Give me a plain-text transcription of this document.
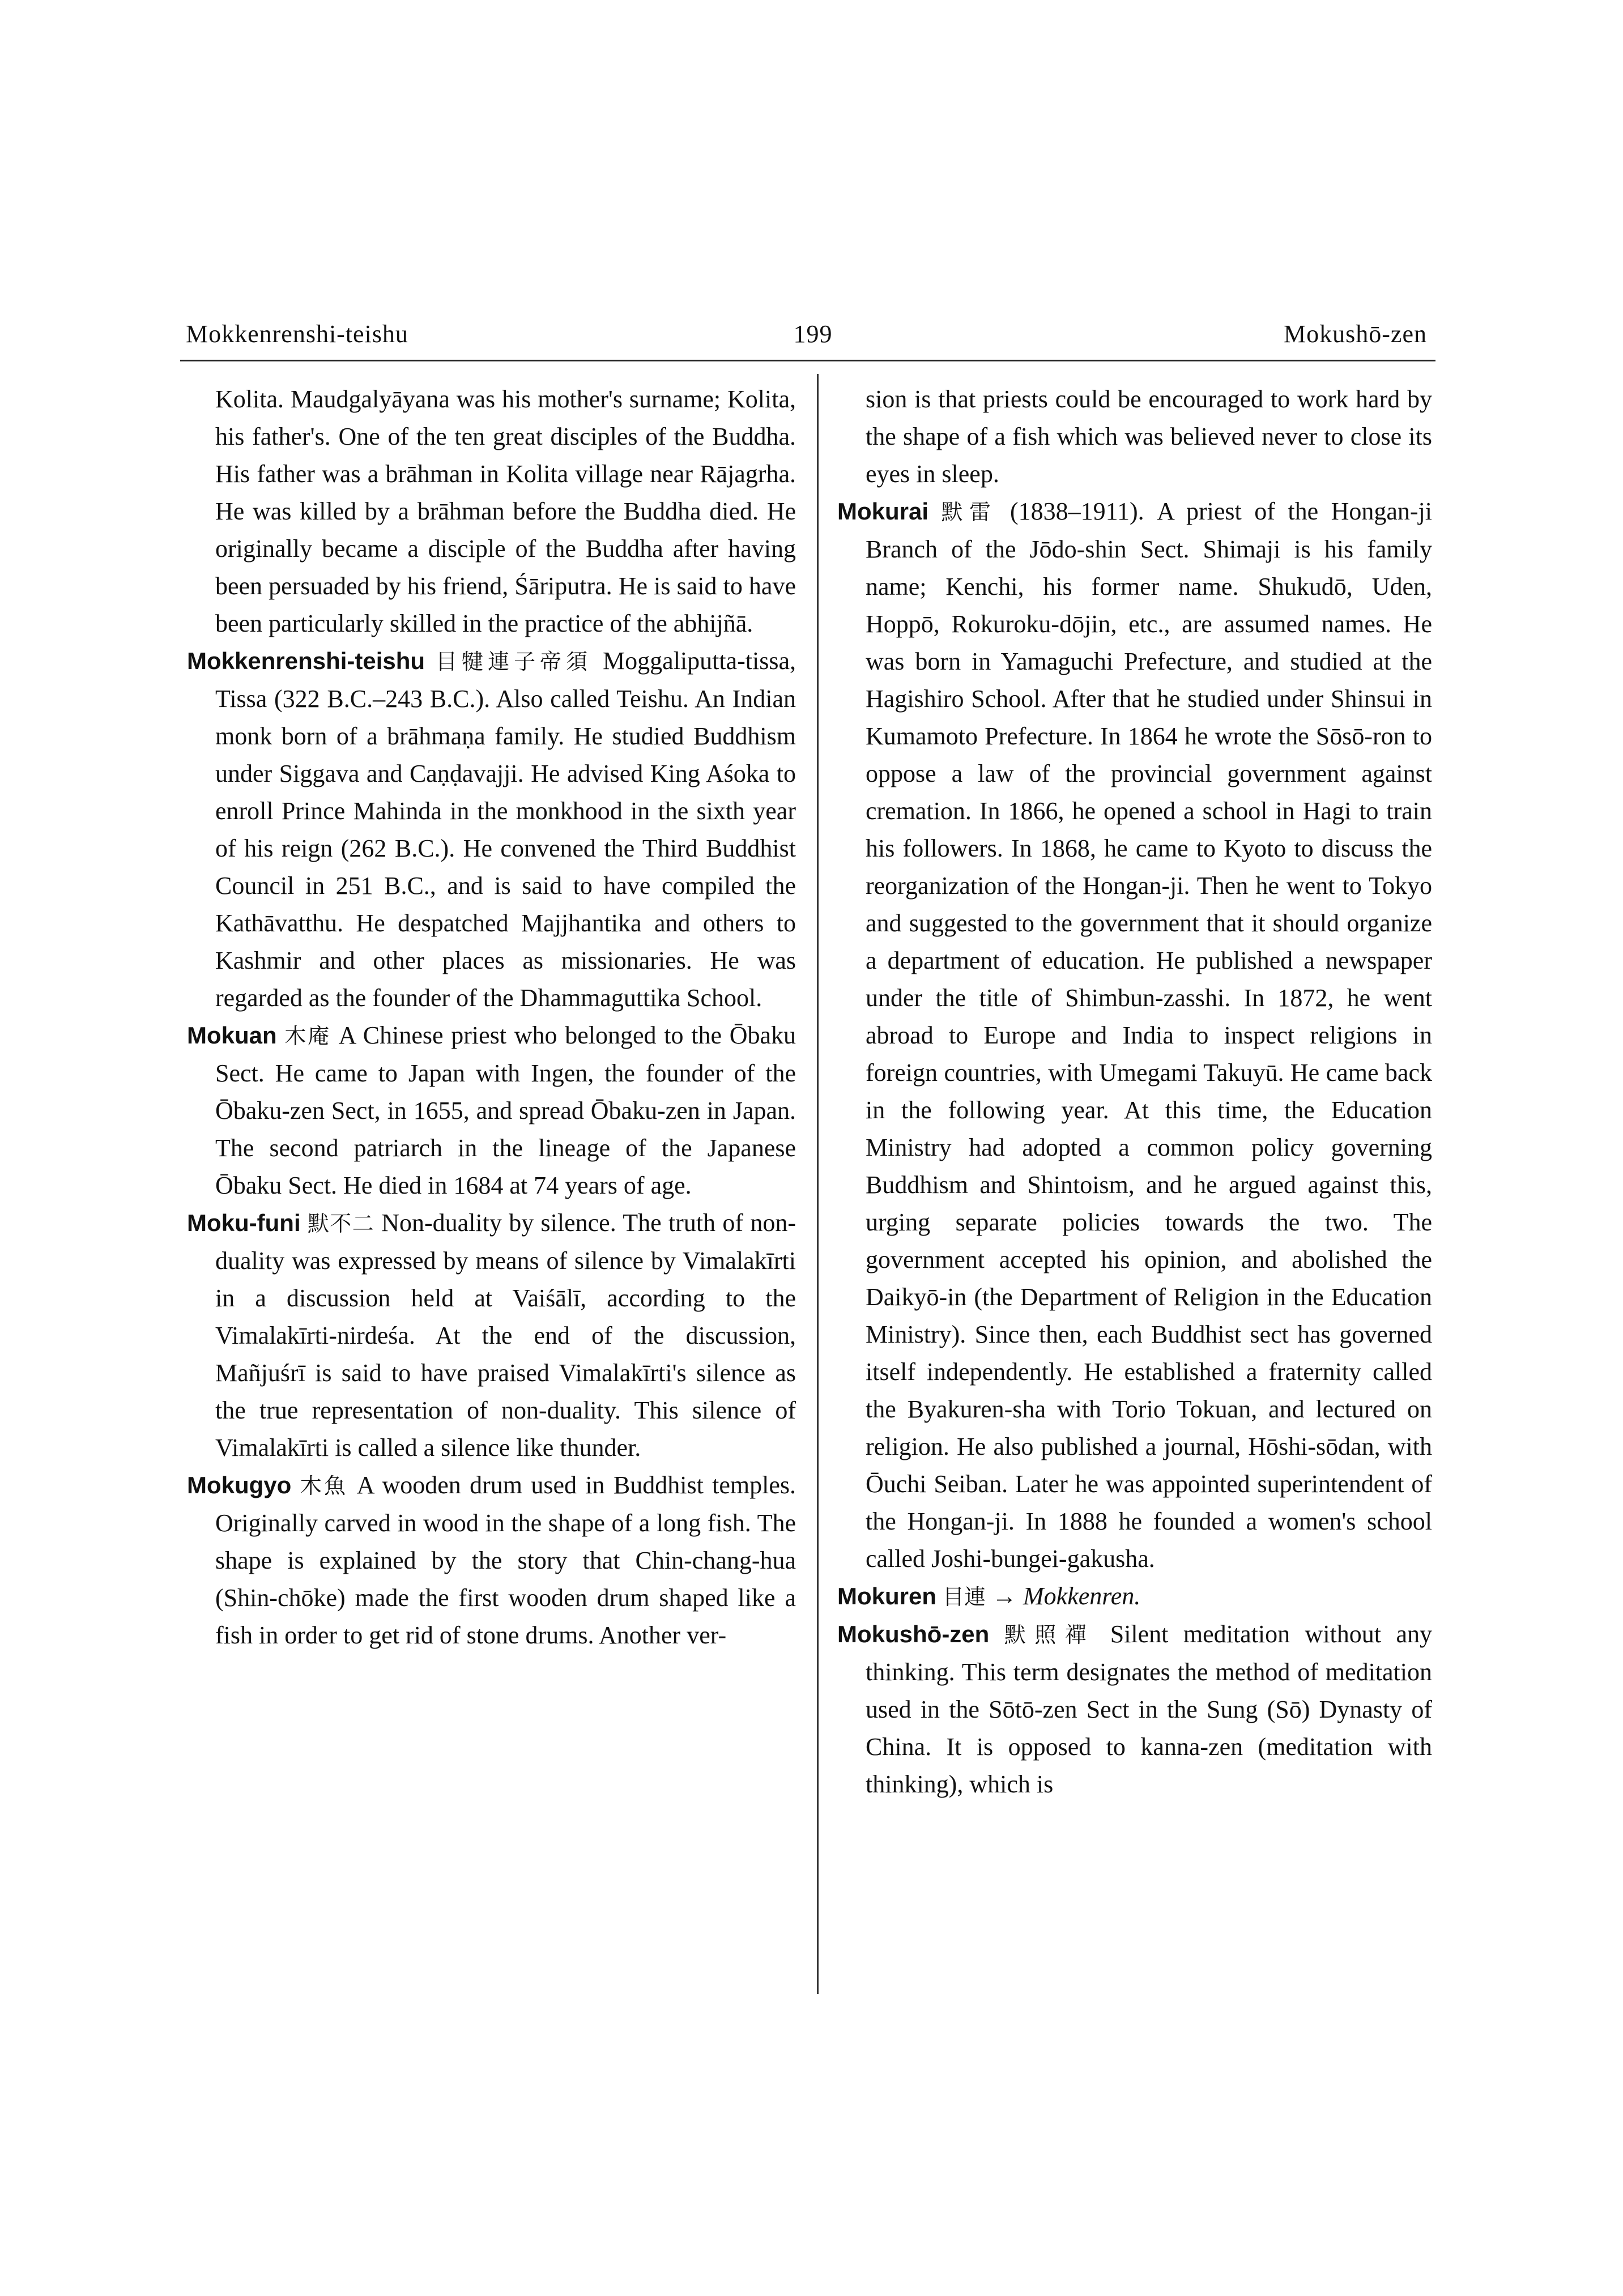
Mokkenrenshi-teishu	199	Mokushō-zen

Kolita. Maudgalyāyana was his mother's surname; Kolita, his father's. One of the ten great disciples of the Buddha. His father was a brāhman in Kolita village near Rājagrha. He was killed by a brāhman before the Buddha died. He originally became a disciple of the Buddha after having been persuaded by his friend, Śāriputra. He is said to have been particularly skilled in the practice of the abhijñā.

Mokkenrenshi-teishu 目犍連子帝須 Moggaliputta-tissa, Tissa (322 B.C.–243 B.C.). Also called Teishu. An Indian monk born of a brāhmaṇa family. He studied Buddhism under Siggava and Caṇḍavajji. He advised King Aśoka to enroll Prince Mahinda in the monkhood in the sixth year of his reign (262 B.C.). He convened the Third Buddhist Council in 251 B.C., and is said to have compiled the Kathāvatthu. He despatched Majjhantika and others to Kashmir and other places as missionaries. He was regarded as the founder of the Dhammaguttika School.

Mokuan 木庵 A Chinese priest who belonged to the Ōbaku Sect. He came to Japan with Ingen, the founder of the Ōbaku-zen Sect, in 1655, and spread Ōbaku-zen in Japan. The second patriarch in the lineage of the Japanese Ōbaku Sect. He died in 1684 at 74 years of age.

Moku-funi 默不二 Non-duality by silence. The truth of non-duality was expressed by means of silence by Vimalakīrti in a discussion held at Vaiśālī, according to the Vimalakīrti-nirdeśa. At the end of the discussion, Mañjuśrī is said to have praised Vimalakīrti's silence as the true representation of non-duality. This silence of Vimalakīrti is called a silence like thunder.

Mokugyo 木魚 A wooden drum used in Buddhist temples. Originally carved in wood in the shape of a long fish. The shape is explained by the story that Chin-chang-hua (Shin-chōke) made the first wooden drum shaped like a fish in order to get rid of stone drums. Another ver-

sion is that priests could be encouraged to work hard by the shape of a fish which was believed never to close its eyes in sleep.

Mokurai 默雷 (1838–1911). A priest of the Hongan-ji Branch of the Jōdo-shin Sect. Shimaji is his family name; Kenchi, his former name. Shukudō, Uden, Hoppō, Rokuroku-dōjin, etc., are assumed names. He was born in Yamaguchi Prefecture, and studied at the Hagishiro School. After that he studied under Shinsui in Kumamoto Prefecture. In 1864 he wrote the Sōsō-ron to oppose a law of the provincial government against cremation. In 1866, he opened a school in Hagi to train his followers. In 1868, he came to Kyoto to discuss the reorganization of the Hongan-ji. Then he went to Tokyo and suggested to the government that it should organize a department of education. He published a newspaper under the title of Shimbun-zasshi. In 1872, he went abroad to Europe and India to inspect religions in foreign countries, with Umegami Takuyū. He came back in the following year. At this time, the Education Ministry had adopted a common policy governing Buddhism and Shintoism, and he argued against this, urging separate policies towards the two. The government accepted his opinion, and abolished the Daikyō-in (the Department of Religion in the Education Ministry). Since then, each Buddhist sect has governed itself independently. He established a fraternity called the Byakuren-sha with Torio Tokuan, and lectured on religion. He also published a journal, Hōshi-sōdan, with Ōuchi Seiban. Later he was appointed superintendent of the Hongan-ji. In 1888 he founded a women's school called Joshi-bungei-gakusha.

Mokuren 目連 → Mokkenren.

Mokushō-zen 默照禪 Silent meditation without any thinking. This term designates the method of meditation used in the Sōtō-zen Sect in the Sung (Sō) Dynasty of China. It is opposed to kanna-zen (meditation with thinking), which is
